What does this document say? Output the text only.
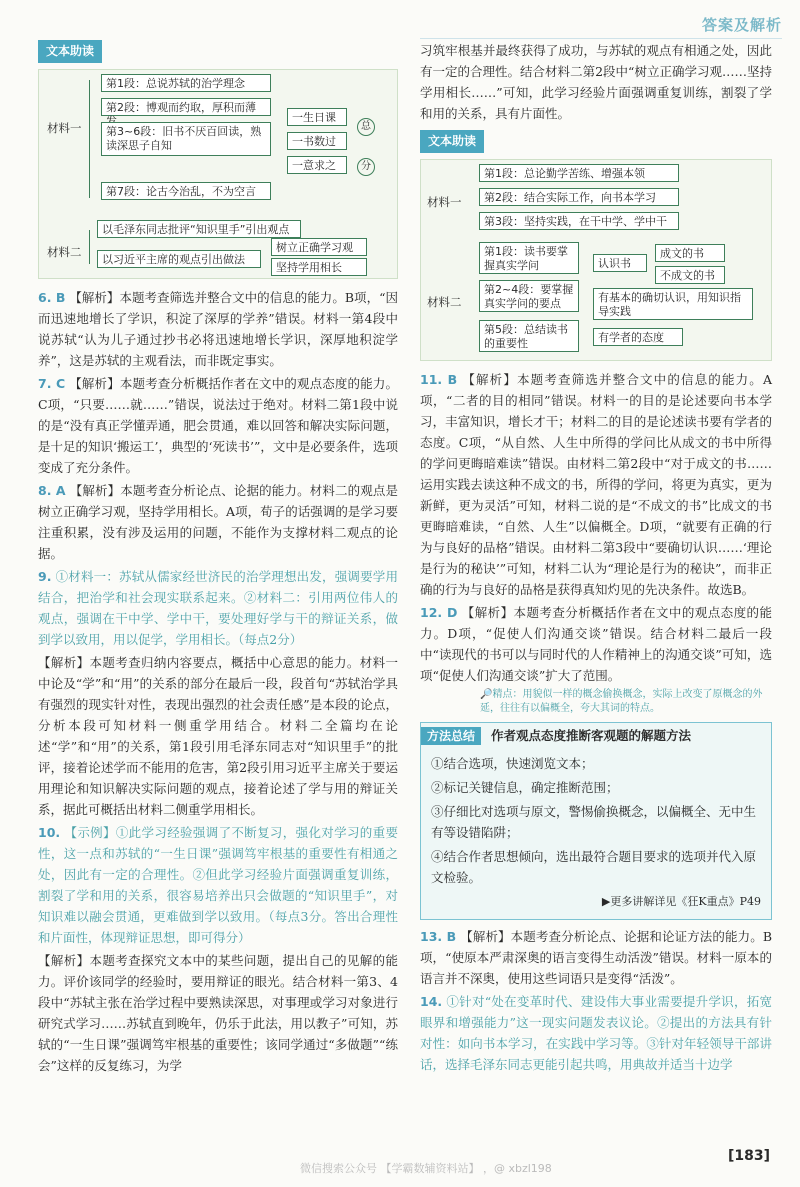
答案及解析
文本助读
材料一
第1段：总说苏轼的治学理念
第2段：博观而约取，厚积而薄
第3~6段：旧书不厌百回读，熟读深思子自知
第7段：论古今治乱，不为空言
一生日课
一书数过
一意求之
总
分
材料二
以毛泽东同志批评“知识里手”引出观点
以习近平主席的观点引出做法
树立正确学习观
坚持学用相长

6. B 【解析】本题考查筛选并整合文中的信息的能力。B项，“因而迅速地增长了学识，积淀了深厚的学养”错误。材料一第4段中说苏轼“认为儿子通过抄书必将迅速地增长学识，深厚地积淀学养”，这是苏轼的主观看法，而非既定事实。

7. C 【解析】本题考查分析概括作者在文中的观点态度的能力。C项，“只要……就……”错误，说法过于绝对。材料二第1段中说的是“没有真正学懂弄通，肥会贯通，难以回答和解决实际问题，是十足的知识‘搬运工’，典型的‘死读书’”，文中是必要条件，选项变成了充分条件。

8. A 【解析】本题考查分析论点、论据的能力。材料二的观点是树立正确学习观，坚持学用相长。A项，荀子的话强调的是学习要注重积累，没有涉及运用的问题，不能作为支撑材料二观点的论据。

9. ①材料一：苏轼从儒家经世济民的治学理想出发，强调要学用结合，把治学和社会现实联系起来。②材料二：引用两位伟人的观点，强调在干中学、学中干，要处理好学与干的辩证关系，做到学以致用，用以促学，学用相长。（每点2分）

【解析】本题考查归纳内容要点，概括中心意思的能力。材料一中论及“学”和“用”的关系的部分在最后一段，段首句“苏轼治学具有强烈的现实针对性，表现出强烈的社会责任感”是本段的论点，分析本段可知材料一侧重学用结合。材料二全篇均在论述“学”和“用”的关系，第1段引用毛泽东同志对“知识里手”的批评，接着论述学而不能用的危害，第2段引用习近平主席关于要运用理论和知识解决实际问题的观点，接着论述了学与用的辩证关系，据此可概括出材料二侧重学用相长。

10. 【示例】①此学习经验强调了不断复习，强化对学习的重要性，这一点和苏轼的“一生日课”强调笃牢根基的重要性有相通之处，因此有一定的合理性。②但此学习经验片面强调重复训练，割裂了学和用的关系，很容易培养出只会做题的“知识里手”，对知识难以融会贯通，更难做到学以致用。（每点3分。答出合理性和片面性，体现辩证思想，即可得分）

【解析】本题考查探究文本中的某些问题，提出自己的见解的能力。评价该同学的经验时，要用辩证的眼光。结合材料一第3、4段中“苏轼主张在治学过程中要熟读深思，对事理或学习对象进行研究式学习……苏轼直到晚年，仍乐于此法，用以教子”可知，苏轼的“一生日课”强调笃牢根基的重要性；该同学通过“多做题”“练会”这样的反复练习，为学

习筑牢根基并最终获得了成功，与苏轼的观点有相通之处，因此有一定的合理性。结合材料二第2段中“树立正确学习观……坚持学用相长……”可知，此学习经验片面强调重复训练，割裂了学和用的关系，具有片面性。

文本助读
材料一
第1段：总论勤学苦练、增强本领
第2段：结合实际工作，向书本学习
第3段：坚持实践，在干中学、学中干
材料二
第1段：读书要掌握真实学问
第2~4段：要掌握真实学问的要点
第5段：总结读书的重要性
认识书
成文的书
不成文的书
有基本的确切认识，用知识指导实践
有学者的态度

11. B 【解析】本题考查筛选并整合文中的信息的能力。A项，“二者的目的相同”错误。材料一的目的是论述要向书本学习，丰富知识，增长才干；材料二的目的是论述读书要有学者的态度。C项，“从自然、人生中所得的学问比从成文的书中所得的学问更晦暗难读”错误。由材料二第2段中“对于成文的书……运用实践去读这种不成文的书，所得的学问，将更为真实，更为新鲜，更为灵活”可知，材料二说的是“不成文的书”比成文的书更晦暗难读，“自然、人生”以偏概全。D项，“就要有正确的行为与良好的品格”错误。由材料二第3段中“要确切认识……‘理论是行为的秘诀’”可知，材料二认为“理论是行为的秘诀”，而非正确的行为与良好的品格是获得真知灼见的先决条件。故选B。

12. D 【解析】本题考查分析概括作者在文中的观点态度的能力。D项，“促使人们沟通交谈”错误。结合材料二最后一段中“读现代的书可以与同时代的人作精神上的沟通交谈”可知，选项“促使人们沟通交谈”扩大了范围。

🔎精点：用貌似一样的概念偷换概念，实际上改变了原概念的外延，往往有以偏概全，夸大其词的特点。
方法总结 作者观点态度推断客观题的解题方法

①结合选项，快速浏览文本；

②标记关键信息，确定推断范围；

③仔细比对选项与原文，警惕偷换概念，以偏概全、无中生有等设错陷阱；

④结合作者思想倾向，选出最符合题目要求的选项并代入原文检验。

▶更多讲解详见《狂K重点》P49

13. B 【解析】本题考查分析论点、论据和论证方法的能力。B项，“使原本严肃深奥的语言变得生动活泼”错误。材料一原本的语言并不深奥，使用这些词语只是变得“活泼”。

14. ①针对“处在变革时代、建设伟大事业需要提升学识，拓宽眼界和增强能力”这一现实问题发表议论。②提出的方法具有针对性：如向书本学习，在实践中学习等。③针对年轻领导干部讲话，选择毛泽东同志更能引起共鸣，用典故并适当十边学

[183]
微信搜索公众号 【学霸数辅资料站】 ，@ xbzl198
